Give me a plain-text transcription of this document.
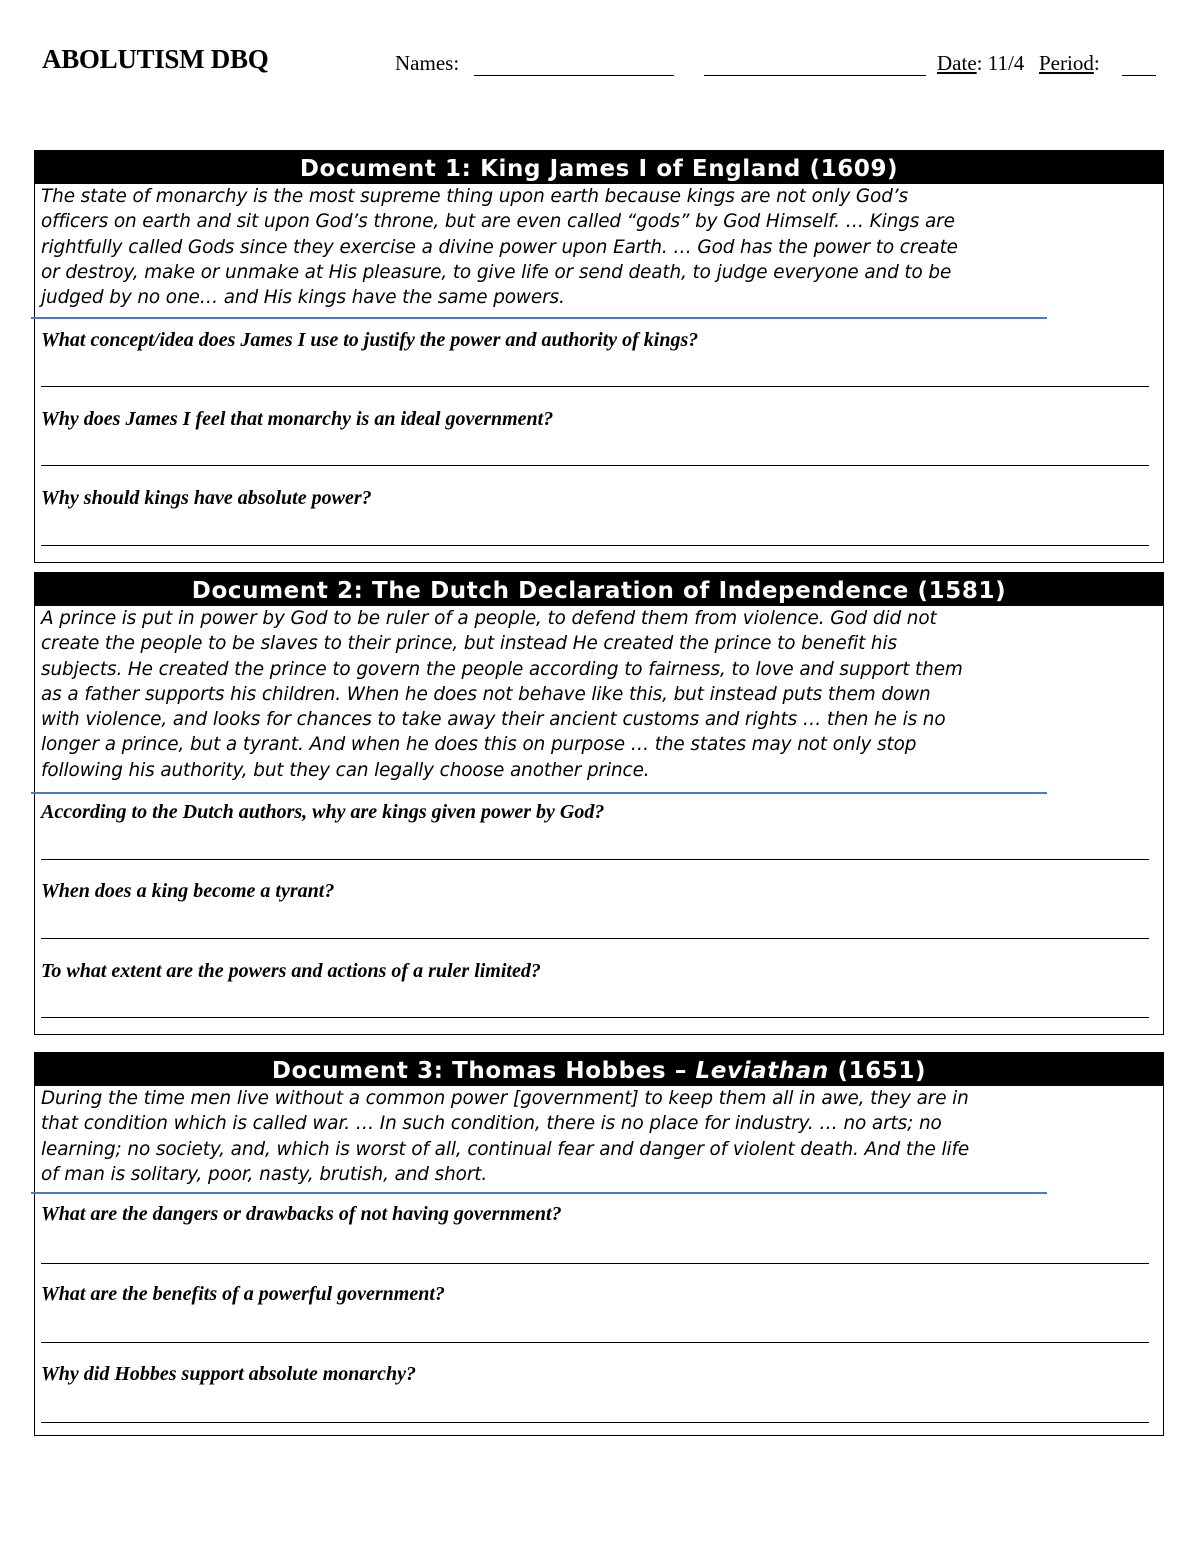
ABOLUTISM DBQ	Names:	Date: 11/4 Period:
Document 1: King James I of England (1609)
The state of monarchy is the most supreme thing upon earth because kings are not only God’s
officers on earth and sit upon God’s throne, but are even called “gods” by God Himself. … Kings are
rightfully called Gods since they exercise a divine power upon Earth. … God has the power to create
or destroy, make or unmake at His pleasure, to give life or send death, to judge everyone and to be
judged by no one… and His kings have the same powers.
What concept/idea does James I use to justify the power and authority of kings?
Why does James I feel that monarchy is an ideal government?
Why should kings have absolute power?
Document 2: The Dutch Declaration of Independence (1581)
A prince is put in power by God to be ruler of a people, to defend them from violence. God did not
create the people to be slaves to their prince, but instead He created the prince to benefit his
subjects. He created the prince to govern the people according to fairness, to love and support them
as a father supports his children. When he does not behave like this, but instead puts them down
with violence, and looks for chances to take away their ancient customs and rights … then he is no
longer a prince, but a tyrant. And when he does this on purpose … the states may not only stop
following his authority, but they can legally choose another prince.
According to the Dutch authors, why are kings given power by God?
When does a king become a tyrant?
To what extent are the powers and actions of a ruler limited?
Document 3: Thomas Hobbes – Leviathan (1651)
During the time men live without a common power [government] to keep them all in awe, they are in
that condition which is called war. … In such condition, there is no place for industry. … no arts; no
learning; no society, and, which is worst of all, continual fear and danger of violent death. And the life
of man is solitary, poor, nasty, brutish, and short.
What are the dangers or drawbacks of not having government?
What are the benefits of a powerful government?
Why did Hobbes support absolute monarchy?
